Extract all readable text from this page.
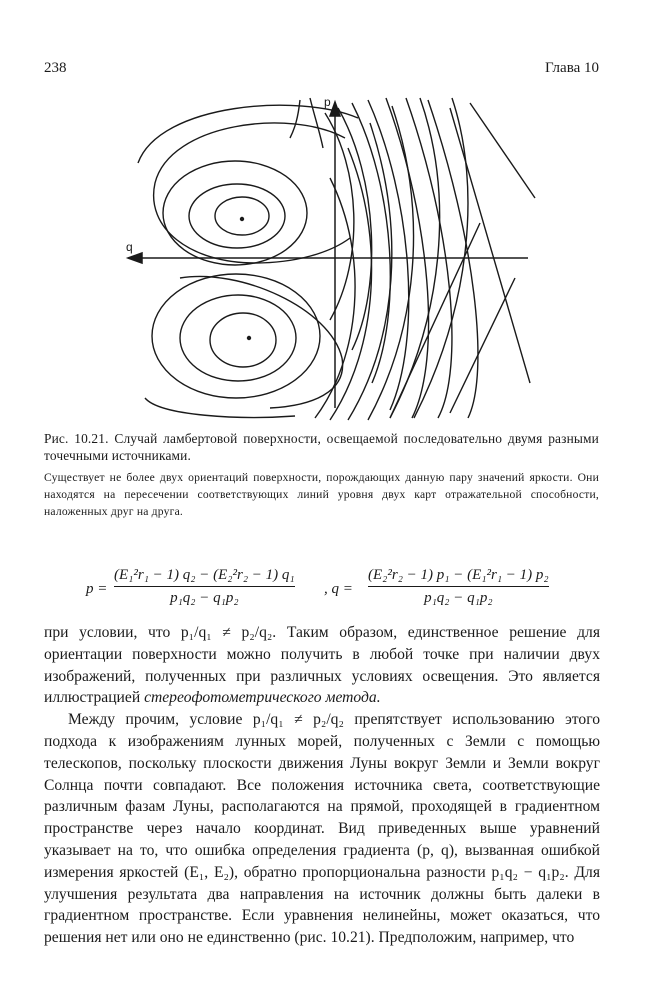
238	Глава 10
p
q
Рис. 10.21. Случай ламбертовой поверхности, освещаемой последовательно двумя разными точечными источниками.
Существует не более двух ориентаций поверхности, порождающих данную пару значений яркости. Они находятся на пересечении соответствующих линий уровня двух карт отражательной способности, наложенных друг на друга.
$p = \frac{\text{(E₁²r₁ − 1) q₂ − (E₂²r₂ − 1) q₁}}{\text{p₁q₂ − q₁p₂}}$ , $q = \frac{\text{(E₂²r₂ − 1) p₁ − (E₁²r₁ − 1) p₂}}{\text{p₁q₂ − q₁p₂}}$

при условии, что p₁/q₁ ≠ p₂/q₂. Таким образом, единственное решение для ориентации поверхности можно получить в любой точке при наличии двух изображений, полученных при различных условиях освещения. Это является иллюстрацией стереофотометрического метода.

Между прочим, условие p₁/q₁ ≠ p₂/q₂ препятствует использованию этого подхода к изображениям лунных морей, полученных с Земли с помощью телескопов, поскольку плоскости движения Луны вокруг Земли и Земли вокруг Солнца почти совпадают. Все положения источника света, соответствующие различным фазам Луны, располагаются на прямой, проходящей в градиентном пространстве через начало координат. Вид приведенных выше уравнений указывает на то, что ошибка определения градиента (p, q), вызванная ошибкой измерения яркостей (E₁, E₂), обратно пропорциональна разности p₁q₂ − q₁p₂. Для улучшения результата два направления на источник должны быть далеки в градиентном пространстве. Если уравнения нелинейны, может оказаться, что решения нет или оно не единственно (рис. 10.21). Предположим, например, что
